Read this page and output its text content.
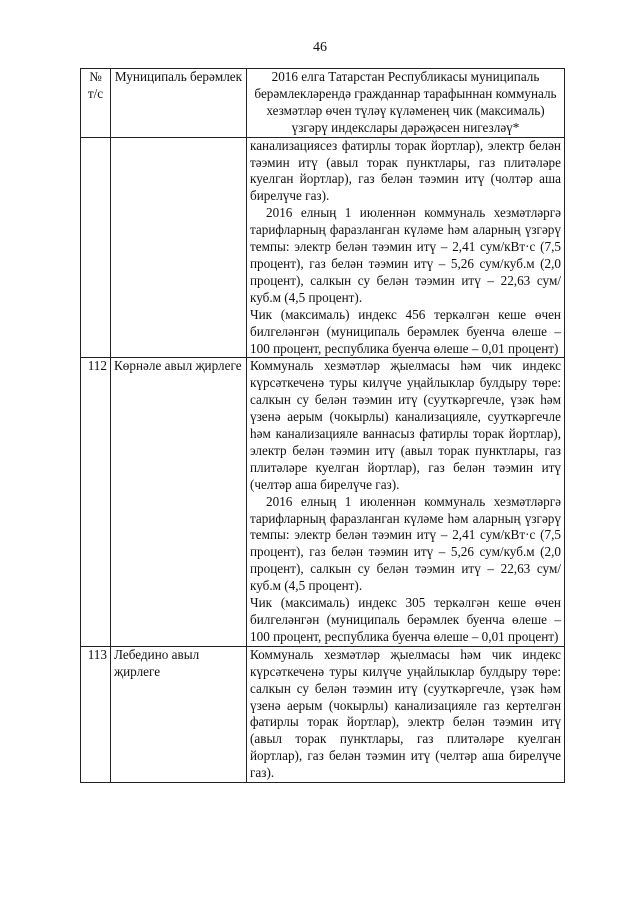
46
№ т/с	Муниципаль берәмлек	2016 елга Татарстан Республикасы муниципаль берәмлекләрендә гражданнар тарафыннан коммуналь хезмәтләр өчен түләү күләменең чик (максималь) үзгәрү индекслары дәрәҗәсен нигезләү*

		канализациясез фатирлы торак йортлар), электр белән тәэмин итү (авыл торак пунктлары, газ плитәләре куелган йортлар), газ белән тәэмин итү (чолтәр аша бирелүче газ).

2016 елның 1 июленнән коммуналь хезмәтләргә тарифларның фаразланган күләме һәм аларның үзгәрү темпы: электр белән тәэмин итү – 2,41 сум/кВт·с (7,5 процент), газ белән тәэмин итү – 5,26 сум/куб.м (2,0 процент), салкын су белән тәэмин итү – 22,63 сум/куб.м (4,5 процент).

Чик (максималь) индекс 456 теркәлгән кеше өчен билгеләнгән (муниципаль берәмлек буенча өлеше – 100 процент, республика буенча өлеше – 0,01 процент)

112	Көрнәле авыл җирлеге	Коммуналь хезмәтләр җыелмасы һәм чик индекс күрсәткеченә туры килүче уңайлыклар булдыру төре: салкын су белән тәэмин итү (сууткәргечле, үзәк һәм үзенә аерым (чокырлы) канализацияле, сууткәргечле һәм канализацияле ваннасыз фатирлы торак йортлар), электр белән тәэмин итү (авыл торак пунктлары, газ плитәләре куелган йортлар), газ белән тәэмин итү (челтәр аша бирелүче газ).

2016 елның 1 июленнән коммуналь хезмәтләргә тарифларның фаразланган күләме һәм аларның үзгәрү темпы: электр белән тәэмин итү – 2,41 сум/кВт·с (7,5 процент), газ белән тәэмин итү – 5,26 сум/куб.м (2,0 процент), салкын су белән тәэмин итү – 22,63 сум/куб.м (4,5 процент).

Чик (максималь) индекс 305 теркәлгән кеше өчен билгеләнгән (муниципаль берәмлек буенча өлеше – 100 процент, республика буенча өлеше – 0,01 процент)

113	Лебедино авыл җирлеге	Коммуналь хезмәтләр җыелмасы һәм чик индекс күрсәткеченә туры килүче уңайлыклар булдыру төре: салкын су белән тәэмин итү (сууткәргечле, үзәк һәм үзенә аерым (чокырлы) канализацияле газ кертелгән фатирлы торак йортлар), электр белән тәэмин итү (авыл торак пунктлары, газ плитәләре куелган йортлар), газ белән тәэмин итү (челтәр аша бирелүче газ).
